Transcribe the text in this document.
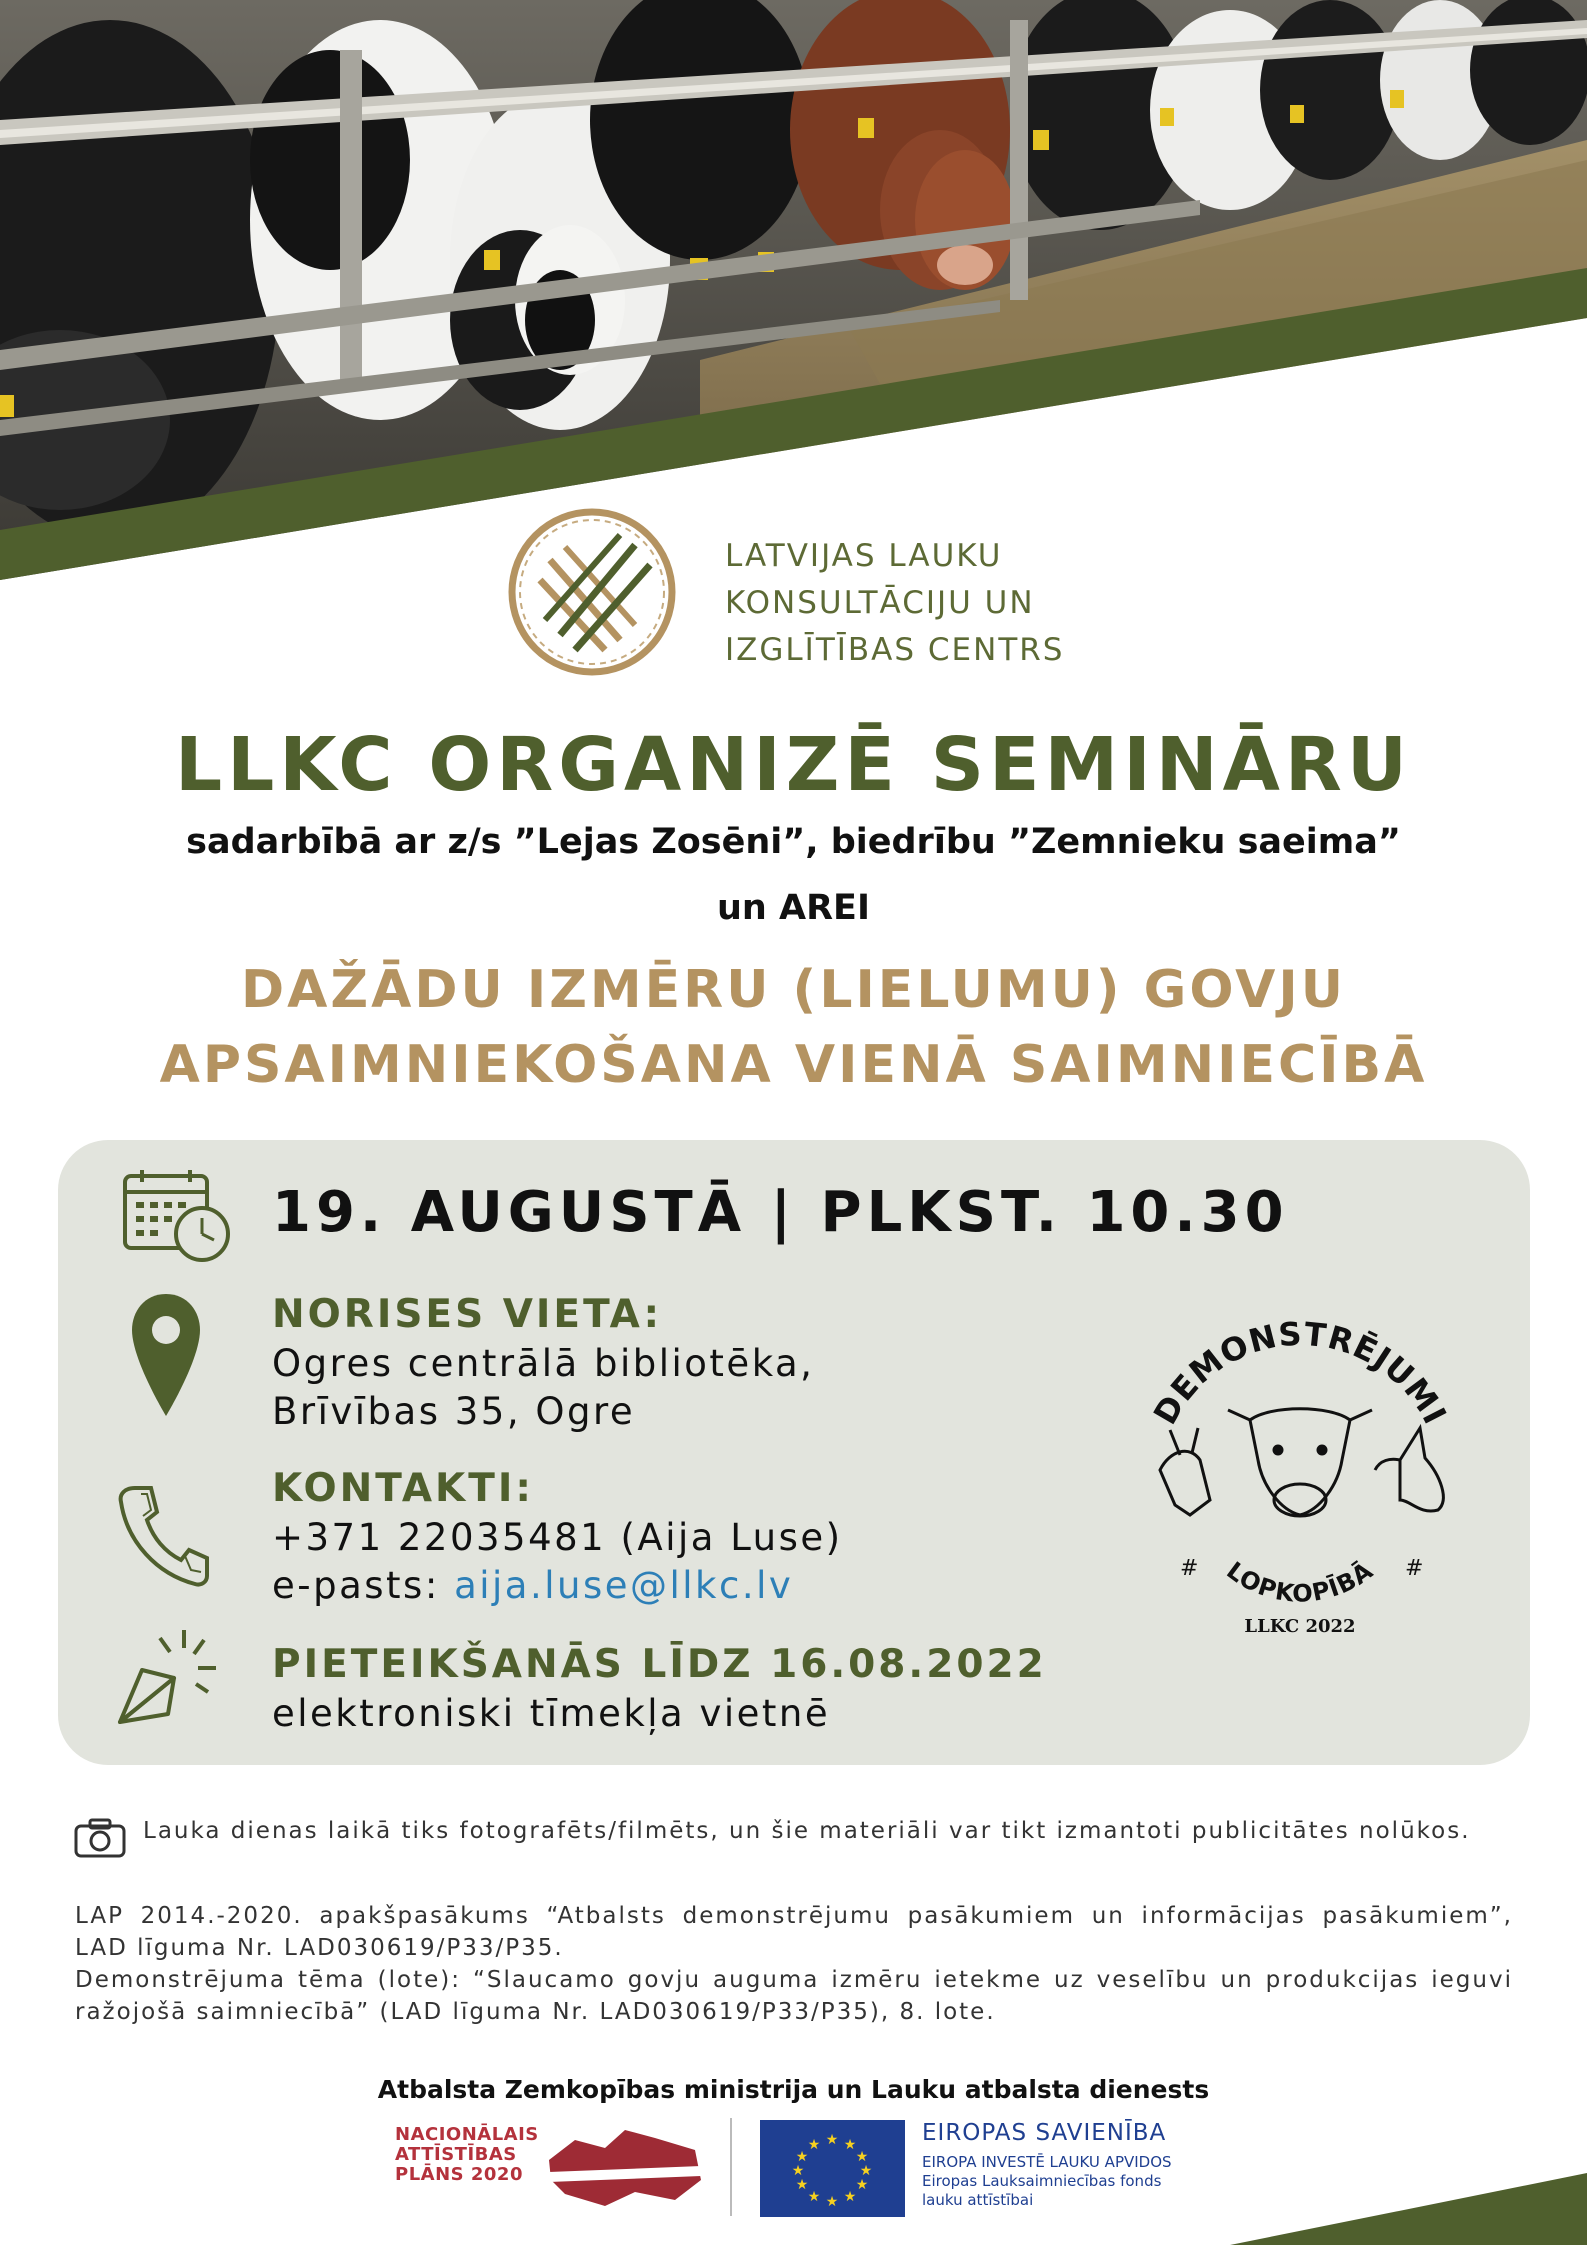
LATVIJAS LAUKU
KONSULTĀCIJU UN
IZGLĪTĪBAS CENTRS
LLKC ORGANIZĒ SEMINĀRU
sadarbībā ar z/s ”Lejas Zosēni”, biedrību ”Zemnieku saeima”
un AREI
DAŽĀDU IZMĒRU (LIELUMU) GOVJU
APSAIMNIEKOŠANA VIENĀ SAIMNIECĪBĀ
19. AUGUSTĀ | PLKST. 10.30
NORISES VIETA:
Ogres centrālā bibliotēka,
Brīvības 35, Ogre
KONTAKTI:
+371 22035481 (Aija Luse)
e-pasts: aija.luse@llkc.lv
PIETEIKŠANĀS LĪDZ 16.08.2022
elektroniski tīmekļa vietnē
DEMONSTRĒJUMI
LOPKOPĪBĀ
LLKC 2022
#	#
Lauka dienas laikā tiks fotografēts/filmēts, un šie materiāli var tikt izmantoti publicitātes nolūkos.

LAP 2014.-2020. apakšpasākums “Atbalsts demonstrējumu pasākumiem un informācijas pasākumiem”, LAD līguma Nr. LAD030619/P33/P35.

Demonstrējuma tēma (lote): “Slaucamo govju auguma izmēru ietekme uz veselību un produkcijas ieguvi ražojošā saimniecībā” (LAD līguma Nr. LAD030619/P33/P35), 8. lote.

Atbalsta Zemkopības ministrija un Lauku atbalsta dienests
NACIONĀLAIS
ATTĪSTĪBAS
PLĀNS 2020
★ ★
★
★
★
★
★
★
★
★
★
★	EIROPAS SAVIENĪBA
EIROPA INVESTĒ LAUKU APVIDOS
Eiropas Lauksaimniecības fonds
lauku attīstībai
